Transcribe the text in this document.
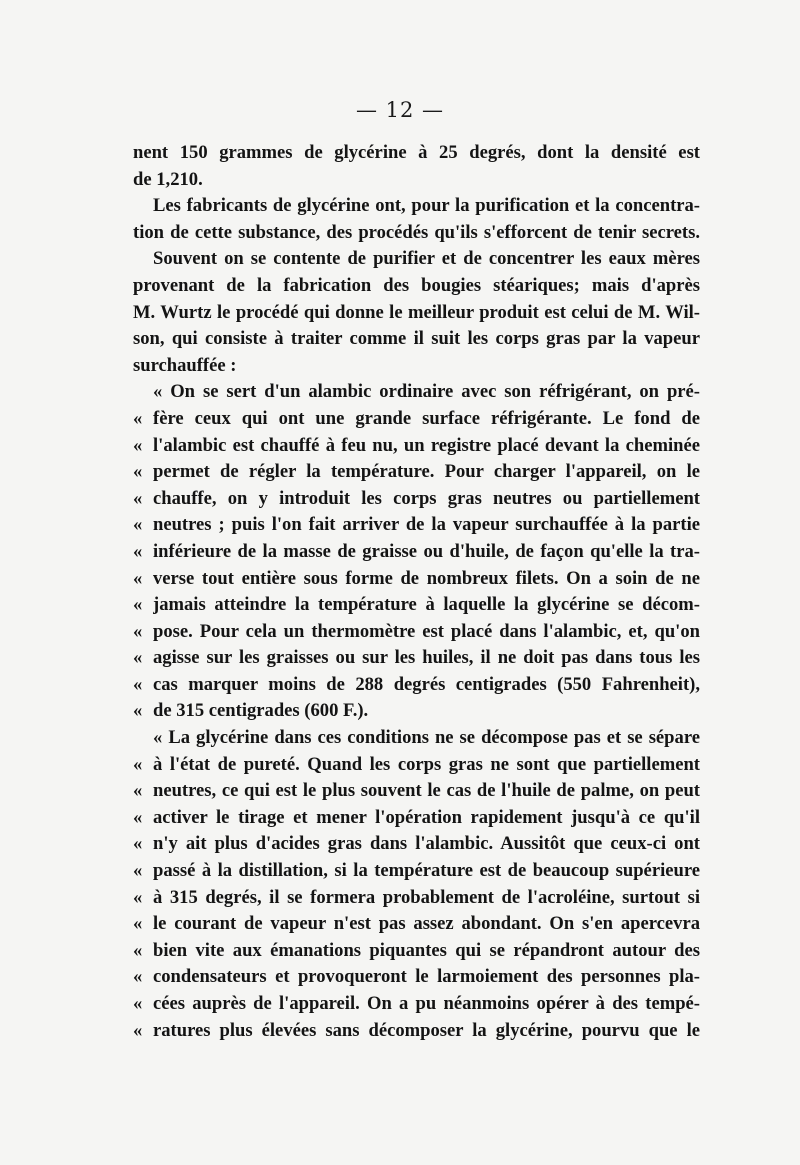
— 12 —
nent 150 grammes de glycérine à 25 degrés, dont la densité est
de 1,210.
Les fabricants de glycérine ont, pour la purification et la concentra-
tion de cette substance, des procédés qu'ils s'efforcent de tenir secrets.
Souvent on se contente de purifier et de concentrer les eaux mères
provenant de la fabrication des bougies stéariques; mais d'après
M. Wurtz le procédé qui donne le meilleur produit est celui de M. Wil-
son, qui consiste à traiter comme il suit les corps gras par la vapeur
surchauffée :
« On se sert d'un alambic ordinaire avec son réfrigérant, on pré-
« fère ceux qui ont une grande surface réfrigérante. Le fond de
« l'alambic est chauffé à feu nu, un registre placé devant la cheminée
« permet de régler la température. Pour charger l'appareil, on le
« chauffe, on y introduit les corps gras neutres ou partiellement
« neutres ; puis l'on fait arriver de la vapeur surchauffée à la partie
« inférieure de la masse de graisse ou d'huile, de façon qu'elle la tra-
« verse tout entière sous forme de nombreux filets. On a soin de ne
« jamais atteindre la température à laquelle la glycérine se décom-
« pose. Pour cela un thermomètre est placé dans l'alambic, et, qu'on
« agisse sur les graisses ou sur les huiles, il ne doit pas dans tous les
« cas marquer moins de 288 degrés centigrades (550 Fahrenheit),
« de 315 centigrades (600 F.).
« La glycérine dans ces conditions ne se décompose pas et se sépare
« à l'état de pureté. Quand les corps gras ne sont que partiellement
« neutres, ce qui est le plus souvent le cas de l'huile de palme, on peut
« activer le tirage et mener l'opération rapidement jusqu'à ce qu'il
« n'y ait plus d'acides gras dans l'alambic. Aussitôt que ceux-ci ont
« passé à la distillation, si la température est de beaucoup supérieure
« à 315 degrés, il se formera probablement de l'acroléine, surtout si
« le courant de vapeur n'est pas assez abondant. On s'en apercevra
« bien vite aux émanations piquantes qui se répandront autour des
« condensateurs et provoqueront le larmoiement des personnes pla-
« cées auprès de l'appareil. On a pu néanmoins opérer à des tempé-
« ratures plus élevées sans décomposer la glycérine, pourvu que le
